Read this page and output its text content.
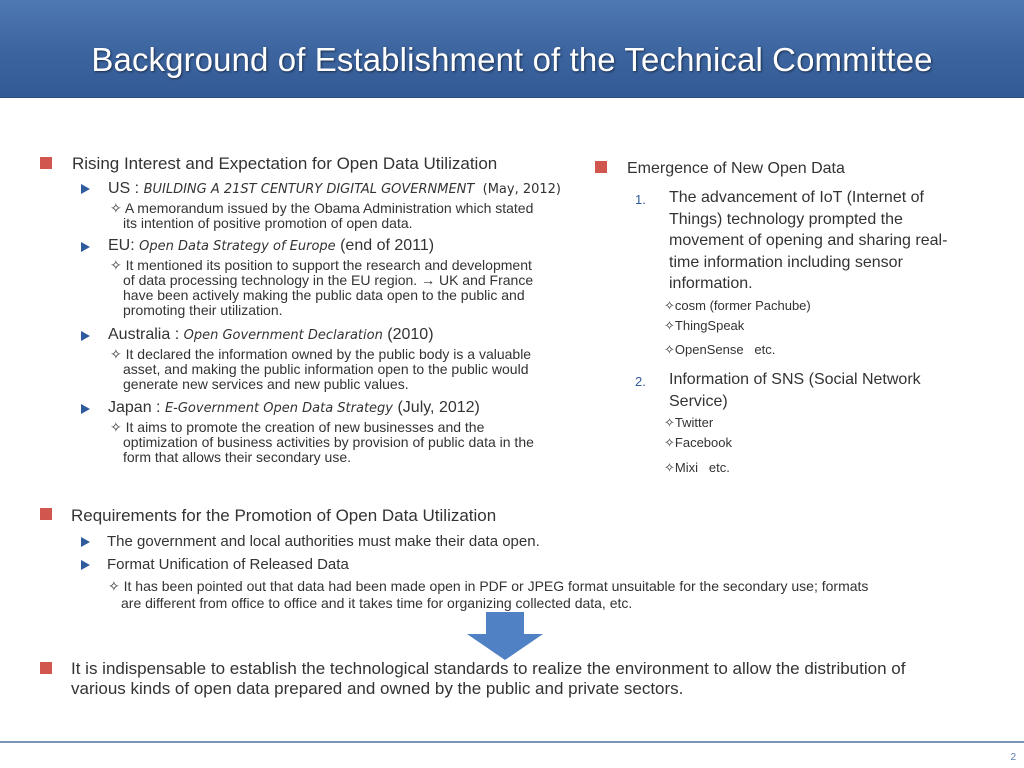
Background of Establishment of the Technical Committee
Rising Interest and Expectation for Open Data Utilization
US : BUILDING A 21ST CENTURY DIGITAL GOVERNMENT (May, 2012)
✧ A memorandum issued by the Obama Administration which stated
its intention of positive promotion of open data.
EU: Open Data Strategy of Europe (end of 2011)
✧ It mentioned its position to support the research and development
of data processing technology in the EU region. → UK and France
have been actively making the public data open to the public and
promoting their utilization.
Australia : Open Government Declaration (2010)
✧ It declared the information owned by the public body is a valuable
asset, and making the public information open to the public would
generate new services and new public values.
Japan : E-Government Open Data Strategy (July, 2012)
✧ It aims to promote the creation of new businesses and the
optimization of business activities by provision of public data in the
form that allows their secondary use.
Emergence of New Open Data
1. The advancement of IoT (Internet of
Things) technology prompted the
movement of opening and sharing real-
time information including sensor
information.
✧cosm (former Pachube)
✧ThingSpeak
✧OpenSense   etc.
2. Information of SNS (Social Network
Service)
✧Twitter
✧Facebook
✧Mixi   etc.
Requirements for the Promotion of Open Data Utilization
The government and local authorities must make their data open.
Format Unification of Released Data
✧ It has been pointed out that data had been made open in PDF or JPEG format unsuitable for the secondary use; formats
are different from office to office and it takes time for organizing collected data, etc.
It is indispensable to establish the technological standards to realize the environment to allow the distribution of
various kinds of open data prepared and owned by the public and private sectors.
2
